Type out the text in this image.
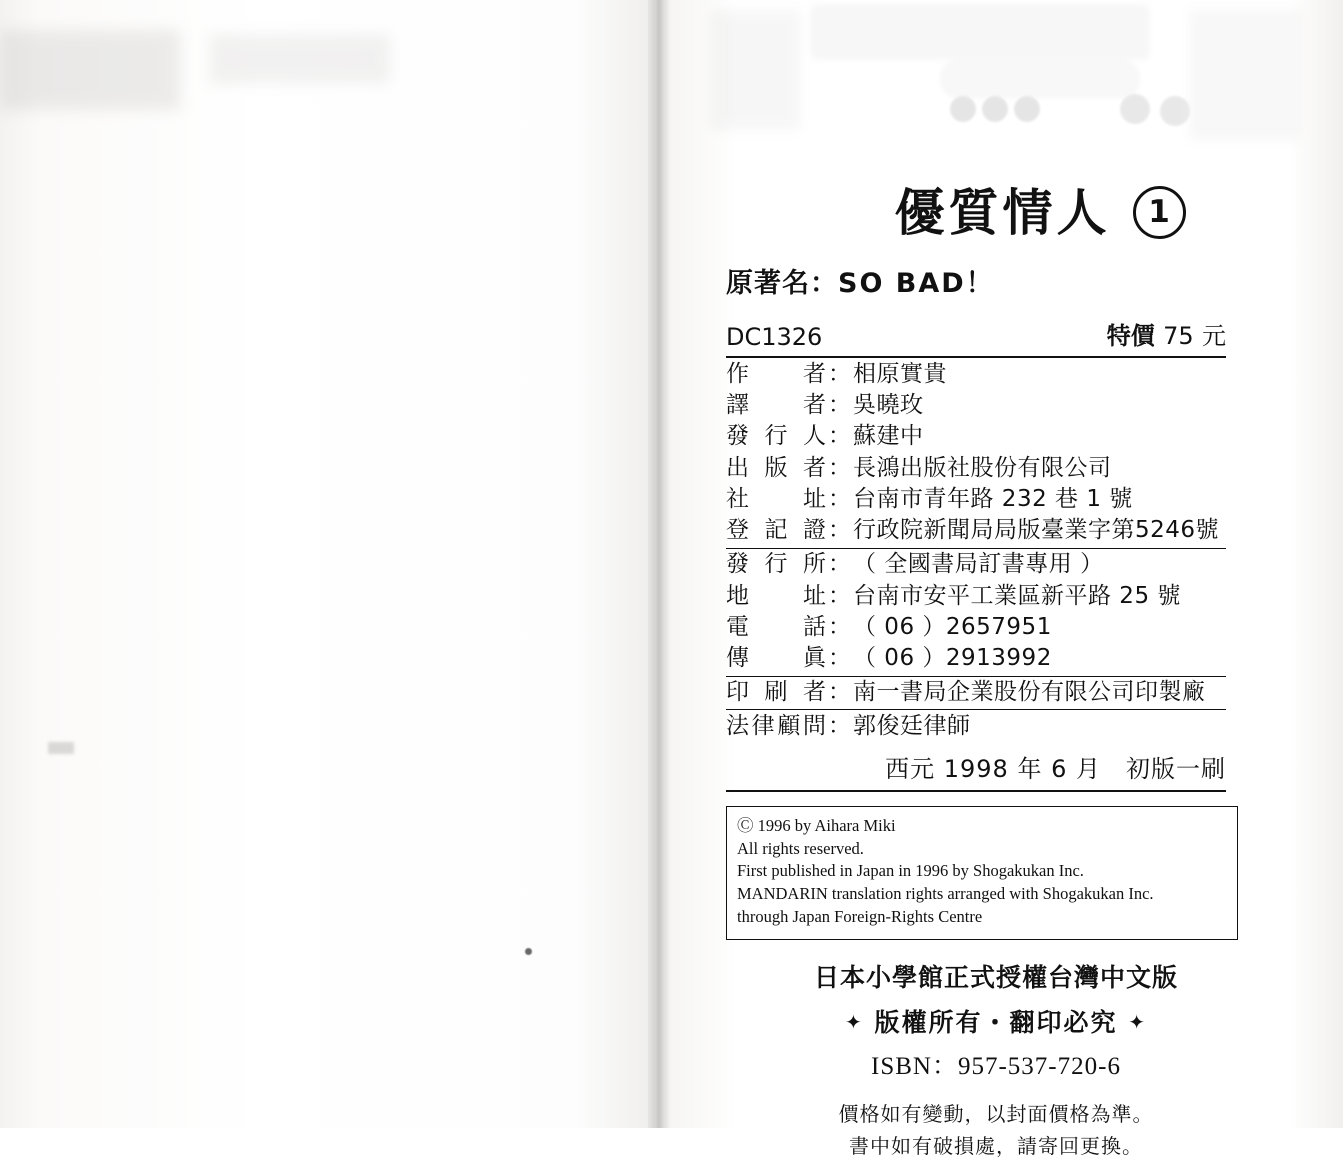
優質情人	1
原著名：SO BAD！
DC1326	特價 75 元
作 者 ： 相原實貴
譯 者 ： 吳曉玫
發 行 人 ： 蘇建中
出 版 者 ： 長鴻出版社股份有限公司
社 址 ： 台南市青年路 232 巷 1 號
登 記 證 ： 行政院新聞局局版臺業字第5246號
發 行 所 ： （ 全國書局訂書專用 ）
地 址 ： 台南市安平工業區新平路 25 號
電 話 ： （ 06 ）2657951
傳 眞 ： （ 06 ）2913992
印 刷 者 ： 南一書局企業股份有限公司印製廠
法 律 顧 問 ： 郭俊廷律師
西元 1998 年 6 月　初版一刷
Ⓒ 1996 by Aihara Miki
All rights reserved.
First published in Japan in 1996 by Shogakukan Inc.
MANDARIN translation rights arranged with Shogakukan Inc.
through Japan Foreign-Rights Centre
日本小學館正式授權台灣中文版
✦ 版權所有・翻印必究 ✦
ISBN：957-537-720-6
價格如有變動，以封面價格為準。
書中如有破損處，請寄回更換。
